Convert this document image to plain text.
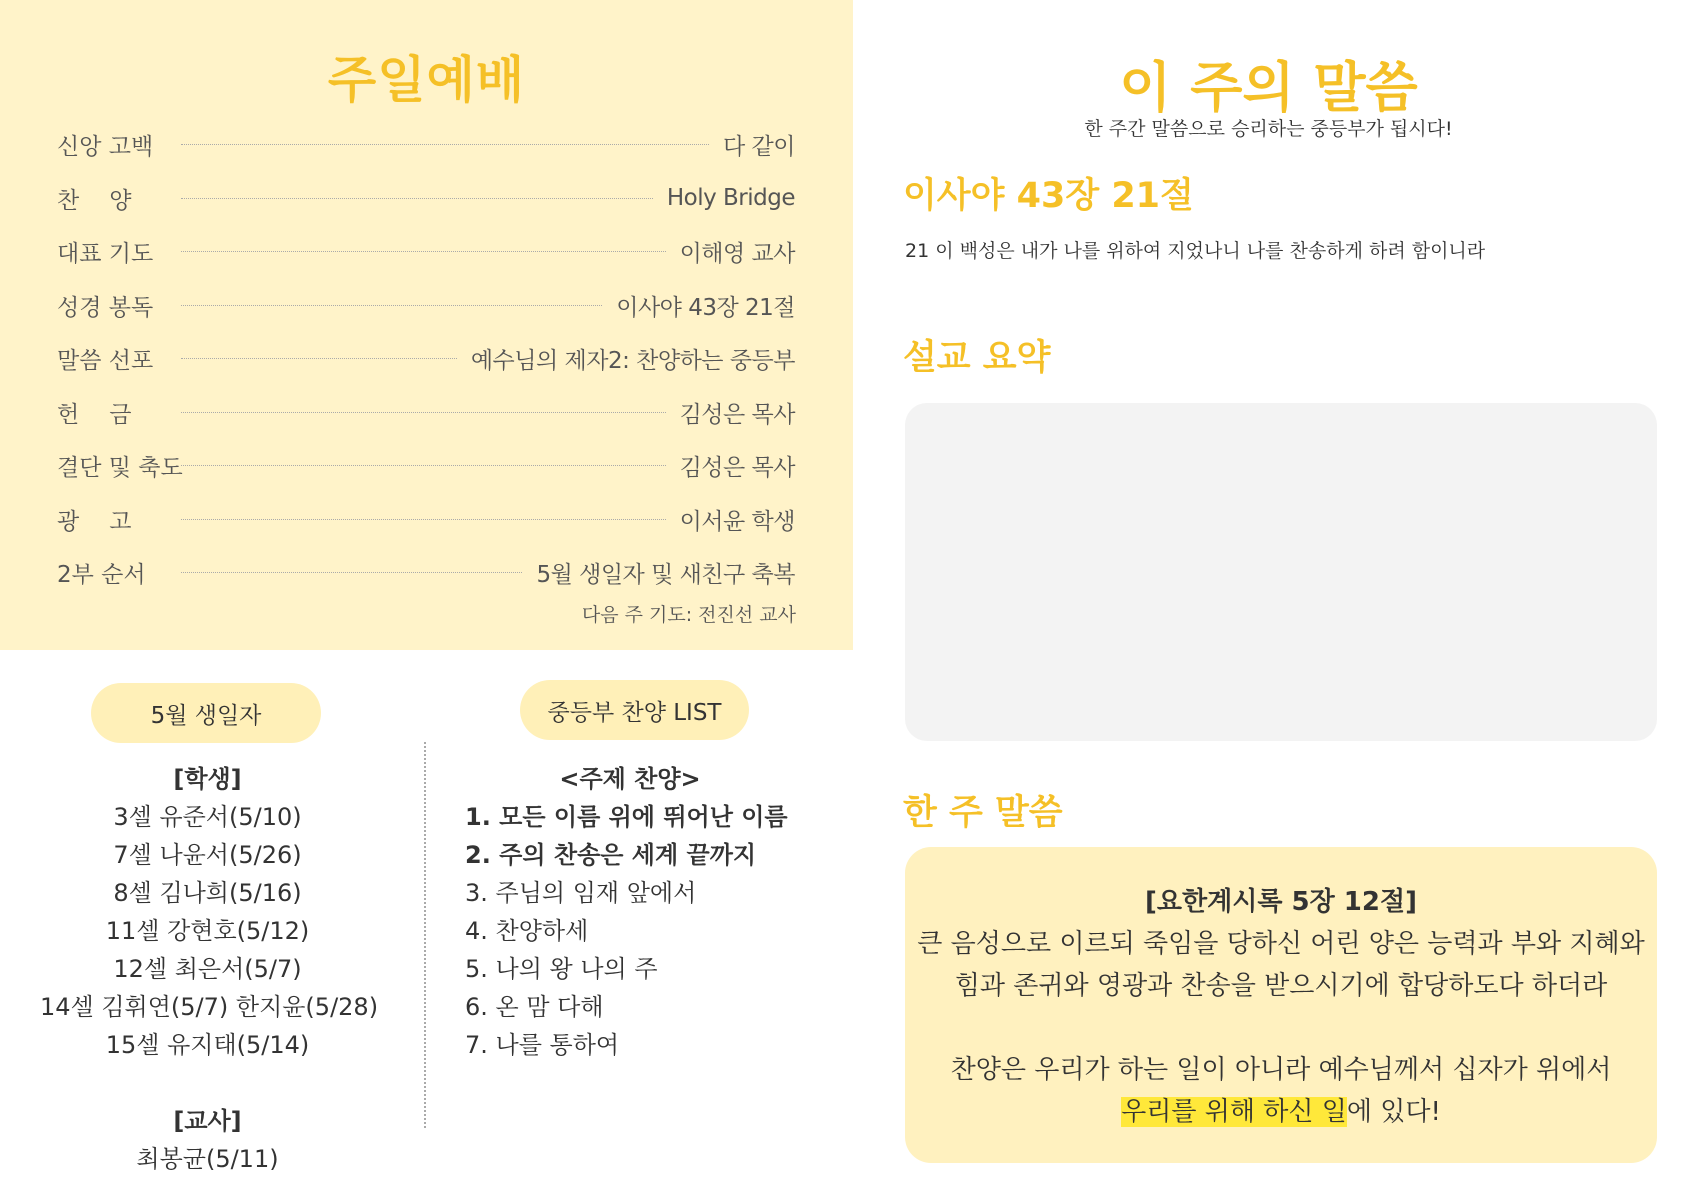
주일예배
신앙 고백	다 같이
찬양	Holy Bridge
대표 기도	이해영 교사
성경 봉독	이사야 43장 21절
말씀 선포	예수님의 제자2: 찬양하는 중등부
헌금	김성은 목사
결단 및 축도	김성은 목사
광고	이서윤 학생
2부 순서	5월 생일자 및 새친구 축복
다음 주 기도: 전진선 교사
5월 생일자
[학생]
3셀 유준서(5/10)
7셀 나윤서(5/26)
8셀 김나희(5/16)
11셀 강현호(5/12)
12셀 최은서(5/7)
14셀 김휘연(5/7) 한지윤(5/28)
15셀 유지태(5/14)
[교사]
최봉균(5/11)
중등부 찬양 LIST
<주제 찬양>
1. 모든 이름 위에 뛰어난 이름
2. 주의 찬송은 세계 끝까지
3. 주님의 임재 앞에서
4. 찬양하세
5. 나의 왕 나의 주
6. 온 맘 다해
7. 나를 통하여
이 주의 말씀
한 주간 말씀으로 승리하는 중등부가 됩시다!
이사야 43장 21절
21 이 백성은 내가 나를 위하여 지었나니 나를 찬송하게 하려 함이니라
설교 요약
한 주 말씀
[요한계시록 5장 12절]
큰 음성으로 이르되 죽임을 당하신 어린 양은 능력과 부와 지혜와
힘과 존귀와 영광과 찬송을 받으시기에 합당하도다 하더라
찬양은 우리가 하는 일이 아니라 예수님께서 십자가 위에서
우리를 위해 하신 일에 있다!
